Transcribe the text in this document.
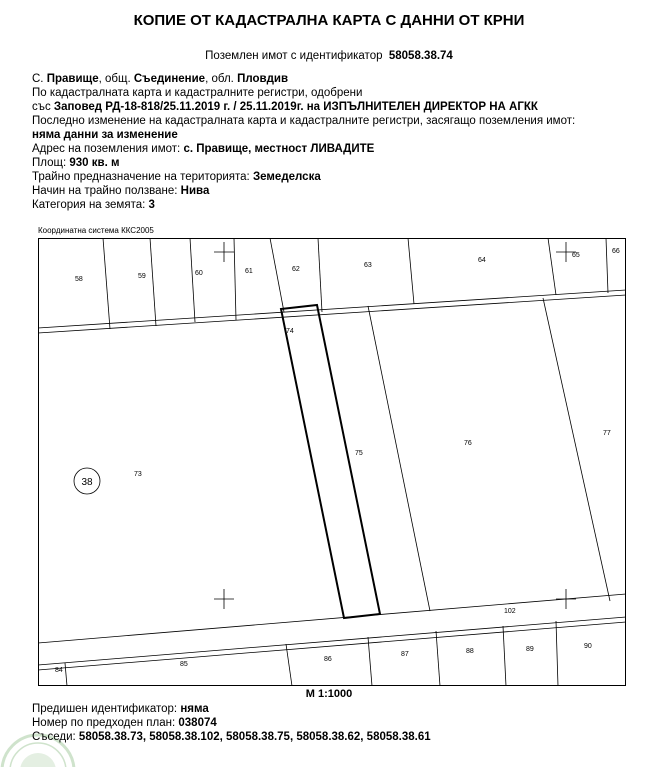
КОПИЕ ОТ КАДАСТРАЛНА КАРТА С ДАННИ ОТ КРНИ
Поземлен имот с идентификатор 58058.38.74
С. Правище, общ. Съединение, обл. Пловдив
По кадастралната карта и кадастралните регистри, одобрени
със Заповед РД-18-818/25.11.2019 г. / 25.11.2019г. на ИЗПЪЛНИТЕЛЕН ДИРЕКТОР НА АГКК
Последно изменение на кадастралната карта и кадастралните регистри, засягащо поземления имот:
няма данни за изменение
Адрес на поземления имот: с. Правище, местност ЛИВАДИТЕ
Площ: 930 кв. м
Трайно предназначение на територията: Земеделска
Начин на трайно ползване: Нива
Категория на земята: 3
Координатна система ККС2005
38
58	59	60	61	62
63
64
65
66
74
73
75
76
77
102
84
85
86
87	88	89	90
М 1:1000
Предишен идентификатор: няма
Номер по предходен план: 038074
Съседи: 58058.38.73, 58058.38.102, 58058.38.75, 58058.38.62, 58058.38.61
